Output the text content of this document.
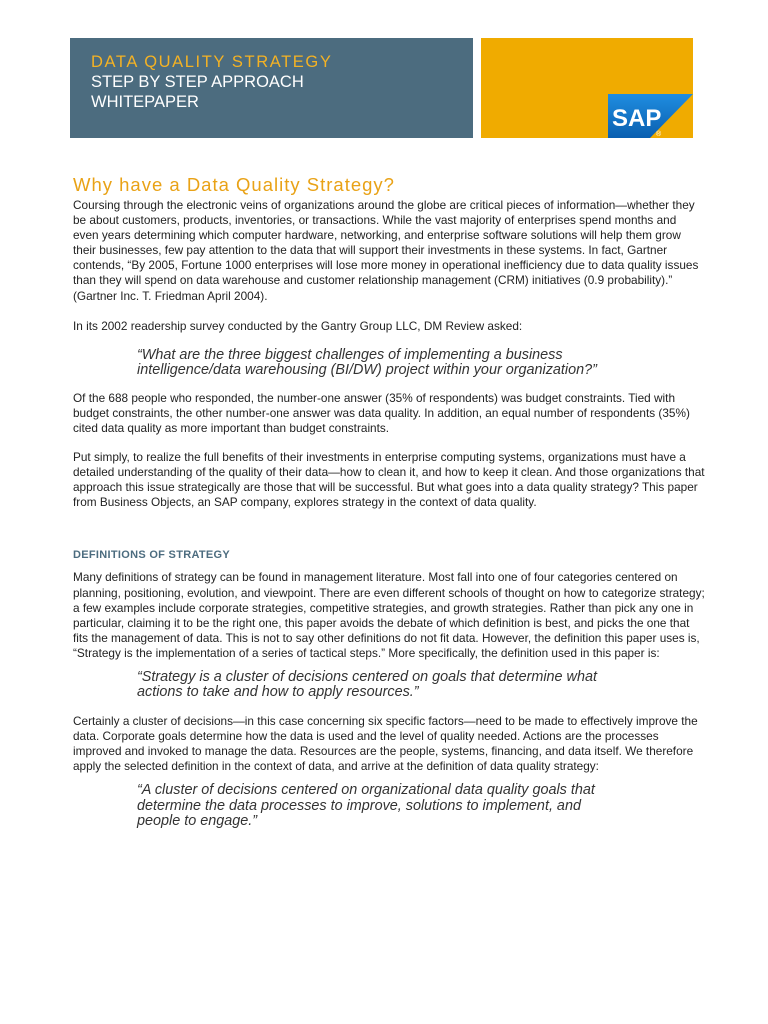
DATA QUALITY STRATEGY
STEP BY STEP APPROACH
WHITEPAPER
SAP
®
Why have a Data Quality Strategy?

Coursing through the electronic veins of organizations around the globe are critical pieces of information—whether they be about customers, products, inventories, or transactions. While the vast majority of enterprises spend months and even years determining which computer hardware, networking, and enterprise software solutions will help them grow their businesses, few pay attention to the data that will support their investments in these systems. In fact, Gartner contends, “By 2005, Fortune 1000 enterprises will lose more money in operational inefficiency due to data quality issues than they will spend on data warehouse and customer relationship management (CRM) initiatives (0.9 probability).” (Gartner Inc. T. Friedman April 2004).

In its 2002 readership survey conducted by the Gantry Group LLC, DM Review asked:

“What are the three biggest challenges of implementing a business intelligence/data warehousing (BI/DW) project within your organization?”

Of the 688 people who responded, the number-one answer (35% of respondents) was budget constraints. Tied with budget constraints, the other number-one answer was data quality. In addition, an equal number of respondents (35%) cited data quality as more important than budget constraints.

Put simply, to realize the full benefits of their investments in enterprise computing systems, organizations must have a detailed understanding of the quality of their data—how to clean it, and how to keep it clean. And those organizations that approach this issue strategically are those that will be successful. But what goes into a data quality strategy? This paper from Business Objects, an SAP company, explores strategy in the context of data quality.

DEFINITIONS OF STRATEGY

Many definitions of strategy can be found in management literature. Most fall into one of four categories centered on planning, positioning, evolution, and viewpoint. There are even different schools of thought on how to categorize strategy; a few examples include corporate strategies, competitive strategies, and growth strategies. Rather than pick any one in particular, claiming it to be the right one, this paper avoids the debate of which definition is best, and picks the one that fits the management of data. This is not to say other definitions do not fit data. However, the definition this paper uses is, “Strategy is the implementation of a series of tactical steps.” More specifically, the definition used in this paper is:

“Strategy is a cluster of decisions centered on goals that determine what actions to take and how to apply resources.”

Certainly a cluster of decisions—in this case concerning six specific factors—need to be made to effectively improve the data. Corporate goals determine how the data is used and the level of quality needed. Actions are the processes improved and invoked to manage the data. Resources are the people, systems, financing, and data itself. We therefore apply the selected definition in the context of data, and arrive at the definition of data quality strategy:

“A cluster of decisions centered on organizational data quality goals that determine the data processes to improve, solutions to implement, and people to engage.”
